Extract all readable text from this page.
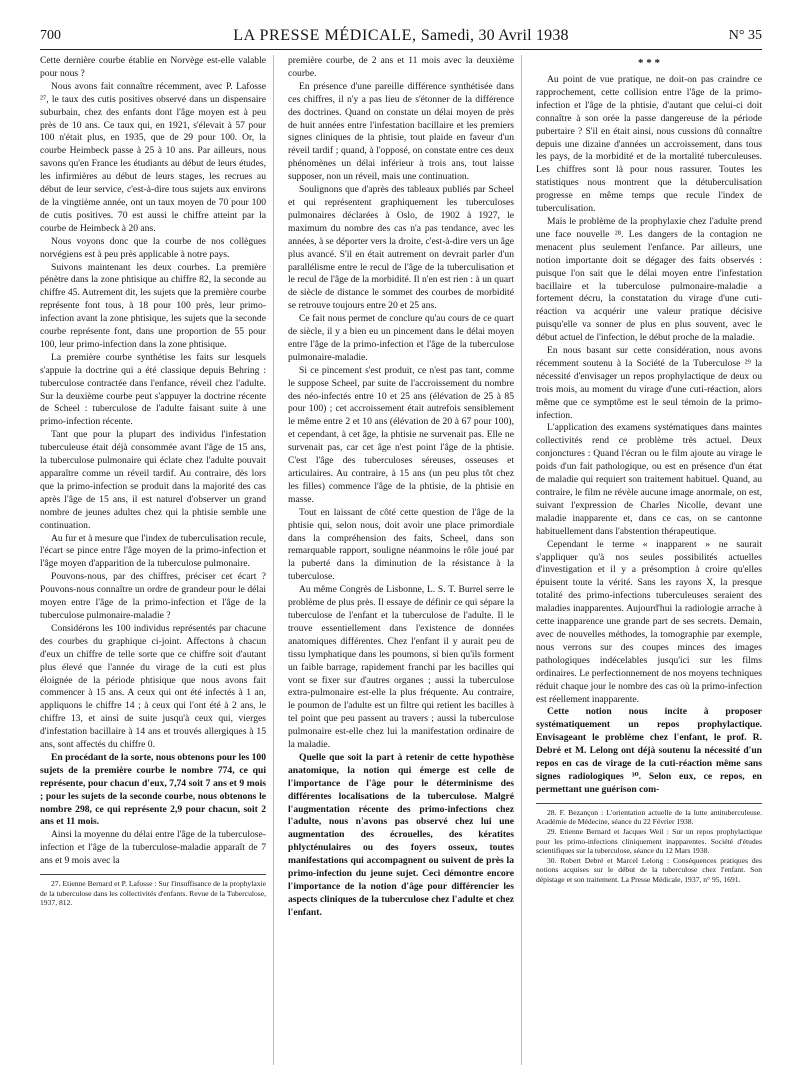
700	LA PRESSE MÉDICALE, Samedi, 30 Avril 1938	N° 35

Cette dernière courbe établie en Norvège est-elle valable pour nous ?

Nous avons fait connaître récemment, avec P. Lafosse ²⁷, le taux des cutis positives observé dans un dispensaire suburbain, chez des enfants dont l'âge moyen est à peu près de 10 ans. Ce taux qui, en 1921, s'élevait à 57 pour 100 n'était plus, en 1935, que de 29 pour 100. Or, la courbe Heimbeck passe à 25 à 10 ans. Par ailleurs, nous savons qu'en France les étudiants au début de leurs études, les infirmières au début de leurs stages, les recrues au début de leur service, c'est-à-dire tous sujets aux environs de la vingtième année, ont un taux moyen de 70 pour 100 de cutis positives. 70 est aussi le chiffre atteint par la courbe de Heimbeck à 20 ans.

Nous voyons donc que la courbe de nos collègues norvégiens est à peu près applicable à notre pays.

Suivons maintenant les deux courbes. La première pénètre dans la zone phtisique au chiffre 82, la seconde au chiffre 45. Autrement dit, les sujets que la première courbe représente font tous, à 18 pour 100 près, leur primo-infection avant la zone phtisique, les sujets que la seconde courbe représente font, dans une proportion de 55 pour 100, leur primo-infection dans la zone phtisique.

La première courbe synthétise les faits sur lesquels s'appuie la doctrine qui a été classique depuis Behring : tuberculose contractée dans l'enfance, réveil chez l'adulte. Sur la deuxième courbe peut s'appuyer la doctrine récente de Scheel : tuberculose de l'adulte faisant suite à une primo-infection récente.

Tant que pour la plupart des individus l'infestation tuberculeuse était déjà consommée avant l'âge de 15 ans, la tuberculose pulmonaire qui éclate chez l'adulte pouvait apparaître comme un réveil tardif. Au contraire, dès lors que la primo-infection se produit dans la majorité des cas après l'âge de 15 ans, il est naturel d'observer un grand nombre de jeunes adultes chez qui la phtisie semble une continuation.

Au fur et à mesure que l'index de tuberculisation recule, l'écart se pince entre l'âge moyen de la primo-infection et l'âge moyen d'apparition de la tuberculose pulmonaire.

Pouvons-nous, par des chiffres, préciser cet écart ? Pouvons-nous connaître un ordre de grandeur pour le délai moyen entre l'âge de la primo-infection et l'âge de la tuberculose pulmonaire-maladie ?

Considérons les 100 individus représentés par chacune des courbes du graphique ci-joint. Affectons à chacun d'eux un chiffre de telle sorte que ce chiffre soit d'autant plus élevé que l'année du virage de la cuti est plus éloignée de la période phtisique que nous avons fait commencer à 15 ans. A ceux qui ont été infectés à 1 an, appliquons le chiffre 14 ; à ceux qui l'ont été à 2 ans, le chiffre 13, et ainsi de suite jusqu'à ceux qui, vierges d'infestation bacillaire à 14 ans et trouvés allergiques à 15 ans, sont affectés du chiffre 0.

En procédant de la sorte, nous obtenons pour les 100 sujets de la première courbe le nombre 774, ce qui représente, pour chacun d'eux, 7,74 soit 7 ans et 9 mois ; pour les sujets de la seconde courbe, nous obtenons le nombre 298, ce qui représente 2,9 pour chacun, soit 2 ans et 11 mois.

Ainsi la moyenne du délai entre l'âge de la tuberculose-infection et l'âge de la tuberculose-maladie apparaît de 7 ans et 9 mois avec la

27. Etienne Bernard et P. Lafosse : Sur l'insuffisance de la prophylaxie de la tuberculose dans les collectivités d'enfants. Revue de la Tuberculose, 1937, 812.

première courbe, de 2 ans et 11 mois avec la deuxième courbe.

En présence d'une pareille différence synthétisée dans ces chiffres, il n'y a pas lieu de s'étonner de la différence des doctrines. Quand on constate un délai moyen de près de huit années entre l'infestation bacillaire et les premiers signes cliniques de la phtisie, tout plaide en faveur d'un réveil tardif ; quand, à l'opposé, on constate entre ces deux phénomènes un délai inférieur à trois ans, tout laisse supposer, non un réveil, mais une continuation.

Soulignons que d'après des tableaux publiés par Scheel et qui représentent graphiquement les tuberculoses pulmonaires déclarées à Oslo, de 1902 à 1927, le maximum du nombre des cas n'a pas tendance, avec les années, à se déporter vers la droite, c'est-à-dire vers un âge plus avancé. S'il en était autrement on devrait parler d'un parallélisme entre le recul de l'âge de la tuberculisation et le recul de l'âge de la morbidité. Il n'en est rien : à un quart de siècle de distance le sommet des courbes de morbidité se retrouve toujours entre 20 et 25 ans.

Ce fait nous permet de conclure qu'au cours de ce quart de siècle, il y a bien eu un pincement dans le délai moyen entre l'âge de la primo-infection et l'âge de la tuberculose pulmonaire-maladie.

Si ce pincement s'est produit, ce n'est pas tant, comme le suppose Scheel, par suite de l'accroissement du nombre des néo-infectés entre 10 et 25 ans (élévation de 25 à 85 pour 100) ; cet accroissement était autrefois sensiblement le même entre 2 et 10 ans (élévation de 20 à 67 pour 100), et cependant, à cet âge, la phtisie ne survenait pas. Elle ne survenait pas, car cet âge n'est point l'âge de la phtisie. C'est l'âge des tuberculoses séreuses, osseuses et articulaires. Au contraire, à 15 ans (un peu plus tôt chez les filles) commence l'âge de la phtisie, de la phtisie en masse.

Tout en laissant de côté cette question de l'âge de la phtisie qui, selon nous, doit avoir une place primordiale dans la compréhension des faits, Scheel, dans son remarquable rapport, souligne néanmoins le rôle joué par la puberté dans la diminution de la résistance à la tuberculose.

Au même Congrès de Lisbonne, L. S. T. Burrel serre le problème de plus près. Il essaye de définir ce qui sépare la tuberculose de l'enfant et la tuberculose de l'adulte. Il le trouve essentiellement dans l'existence de données anatomiques différentes. Chez l'enfant il y aurait peu de tissu lymphatique dans les poumons, si bien qu'ils forment un faible barrage, rapidement franchi par les bacilles qui vont se fixer sur d'autres organes ; aussi la tuberculose extra-pulmonaire est-elle la plus fréquente. Au contraire, le poumon de l'adulte est un filtre qui retient les bacilles à tel point que peu passent au travers ; aussi la tuberculose pulmonaire est-elle chez lui la manifestation ordinaire de la maladie.

Quelle que soit la part à retenir de cette hypothèse anatomique, la notion qui émerge est celle de l'importance de l'âge pour le déterminisme des différentes localisations de la tuberculose. Malgré l'augmentation récente des primo-infections chez l'adulte, nous n'avons pas observé chez lui une augmentation des écrouelles, des kératites phlycténulaires ou des foyers osseux, toutes manifestations qui accompagnent ou suivent de près la primo-infection du jeune sujet. Ceci démontre encore l'importance de la notion d'âge pour différencier les aspects cliniques de la tuberculose chez l'adulte et chez l'enfant.

* * *

Au point de vue pratique, ne doit-on pas craindre ce rapprochement, cette collision entre l'âge de la primo-infection et l'âge de la phtisie, d'autant que celui-ci doit connaître à son orée la passe dangereuse de la période pubertaire ? S'il en était ainsi, nous cussions dû connaître depuis une dizaine d'années un accroissement, dans tous les pays, de la morbidité et de la mortalité tuberculeuses. Les chiffres sont là pour nous rassurer. Toutes les statistiques nous montrent que la détuberculisation progresse en même temps que recule l'index de tuberculisation.

Mais le problème de la prophylaxie chez l'adulte prend une face nouvelle ²⁸. Les dangers de la contagion ne menacent plus seulement l'enfance. Par ailleurs, une notion importante doit se dégager des faits observés : puisque l'on sait que le délai moyen entre l'infestation bacillaire et la tuberculose pulmonaire-maladie a fortement décru, la constatation du virage d'une cuti-réaction va acquérir une valeur pratique décisive puisqu'elle va sonner de plus en plus souvent, avec le début actuel de l'infection, le début proche de la maladie.

En nous basant sur cette considération, nous avons récemment soutenu à la Société de la Tuberculose ²⁹ la nécessité d'envisager un repos prophylactique de deux ou trois mois, au moment du virage d'une cuti-réaction, alors même que ce symptôme est le seul témoin de la primo-infection.

L'application des examens systématiques dans maintes collectivités rend ce problème très actuel. Deux conjonctures : Quand l'écran ou le film ajoute au virage le poids d'un fait pathologique, ou est en présence d'un état de maladie qui requiert son traitement habituel. Quand, au contraire, le film ne révèle aucune image anormale, on est, suivant l'expression de Charles Nicolle, devant une maladie inapparente et, dans ce cas, on se cantonne habituellement dans l'abstention thérapeutique.

Cependant le terme « inapparent » ne saurait s'appliquer qu'à nos seules possibilités actuelles d'investigation et il y a présomption à croire qu'elles épuisent toute la vérité. Sans les rayons X, la presque totalité des primo-infections tuberculeuses seraient des maladies inapparentes. Aujourd'hui la radiologie arrache à cette inapparence une grande part de ses secrets. Demain, avec de nouvelles méthodes, la tomographie par exemple, nous verrons sur des coupes minces des images pathologiques indécelables jusqu'ici sur les films ordinaires. Le perfectionnement de nos moyens techniques réduit chaque jour le nombre des cas où la primo-infection est réellement inapparente.

Cette notion nous incite à proposer systématiquement un repos prophylactique. Envisageant le problème chez l'enfant, le prof. R. Debré et M. Lelong ont déjà soutenu la nécessité d'un repos en cas de virage de la cuti-réaction même sans signes radiologiques ³⁰. Selon eux, ce repos, en permettant une guérison com-

28. F. Bezançon : L'orientation actuelle de la lutte antituberculeuse. Académie de Médecine, séance du 22 Février 1938.

29. Etienne Bernard et Jacques Weil : Sur un repos prophylactique pour les primo-infections cliniquement inapparentes. Société d'études scientifiques sur la tuberculose, séance du 12 Mars 1938.

30. Robert Debré et Marcel Lelong : Conséquences pratiques des notions acquises sur le début de la tuberculose chez l'enfant. Son dépistage et son traitement. La Presse Médicale, 1937, n° 95, 1691.
